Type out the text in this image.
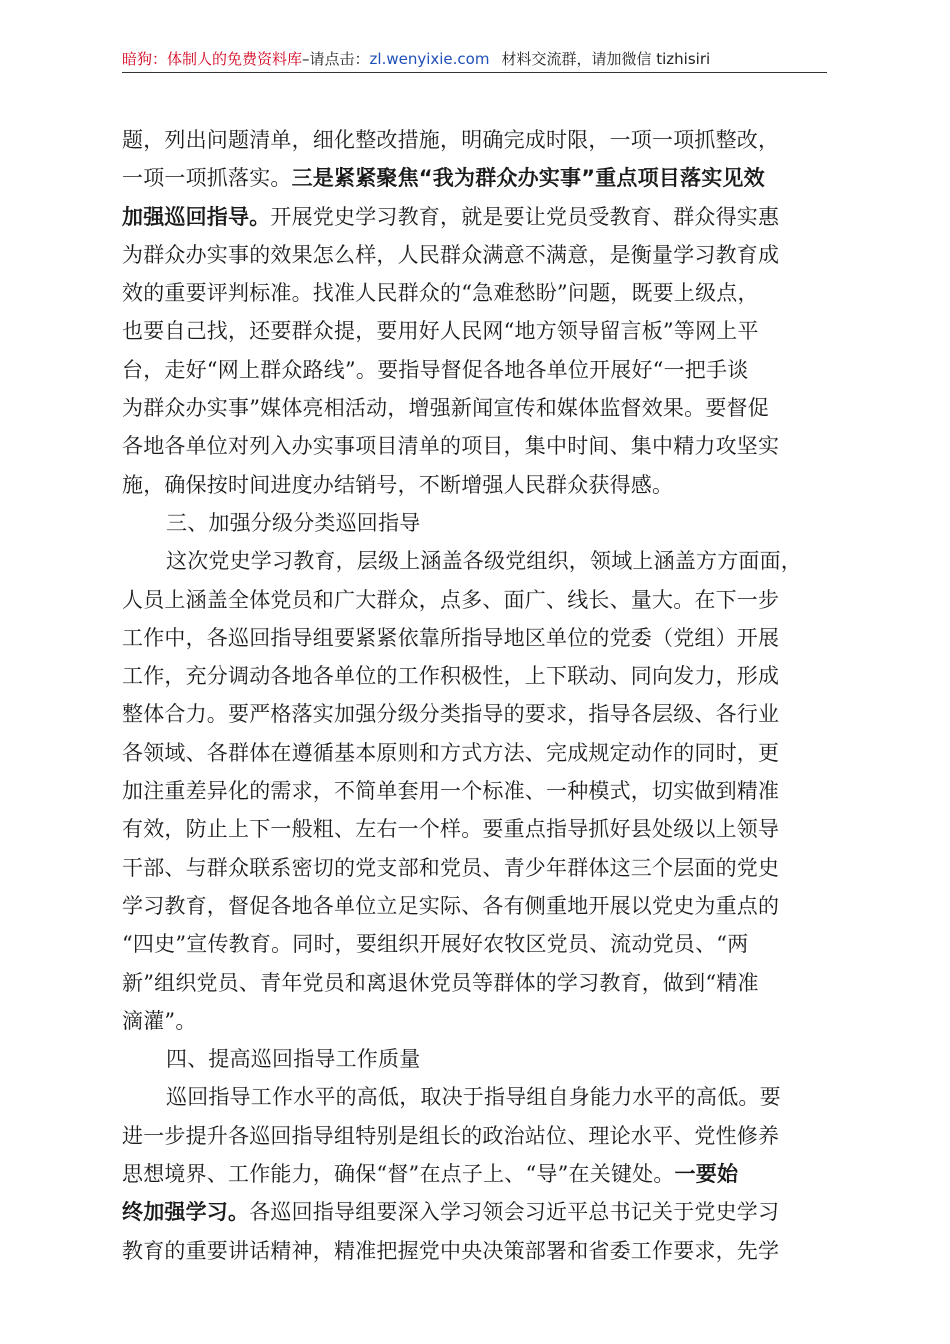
暗狗：体制人的免费资料库–请点击：zl.wenyixie.com 材料交流群，请加微信 tizhisiri
题，列出问题清单，细化整改措施，明确完成时限，一项一项抓整改，
一项一项抓落实。三是紧紧聚焦“我为群众办实事”重点项目落实见效
加强巡回指导。开展党史学习教育，就是要让党员受教育、群众得实惠
为群众办实事的效果怎么样，人民群众满意不满意，是衡量学习教育成
效的重要评判标准。找准人民群众的“急难愁盼”问题，既要上级点，
也要自己找，还要群众提，要用好人民网“地方领导留言板”等网上平
台，走好“网上群众路线”。要指导督促各地各单位开展好“一把手谈
为群众办实事”媒体亮相活动，增强新闻宣传和媒体监督效果。要督促
各地各单位对列入办实事项目清单的项目，集中时间、集中精力攻坚实
施，确保按时间进度办结销号，不断增强人民群众获得感。
三、加强分级分类巡回指导
这次党史学习教育，层级上涵盖各级党组织，领域上涵盖方方面面，
人员上涵盖全体党员和广大群众，点多、面广、线长、量大。在下一步
工作中，各巡回指导组要紧紧依靠所指导地区单位的党委（党组）开展
工作，充分调动各地各单位的工作积极性，上下联动、同向发力，形成
整体合力。要严格落实加强分级分类指导的要求，指导各层级、各行业
各领域、各群体在遵循基本原则和方式方法、完成规定动作的同时，更
加注重差异化的需求，不简单套用一个标准、一种模式，切实做到精准
有效，防止上下一般粗、左右一个样。要重点指导抓好县处级以上领导
干部、与群众联系密切的党支部和党员、青少年群体这三个层面的党史
学习教育，督促各地各单位立足实际、各有侧重地开展以党史为重点的
“四史”宣传教育。同时，要组织开展好农牧区党员、流动党员、“两
新”组织党员、青年党员和离退休党员等群体的学习教育，做到“精准
滴灌”。
四、提高巡回指导工作质量
巡回指导工作水平的高低，取决于指导组自身能力水平的高低。要
进一步提升各巡回指导组特别是组长的政治站位、理论水平、党性修养
思想境界、工作能力，确保“督”在点子上、“导”在关键处。一要始
终加强学习。各巡回指导组要深入学习领会习近平总书记关于党史学习
教育的重要讲话精神，精准把握党中央决策部署和省委工作要求，先学
